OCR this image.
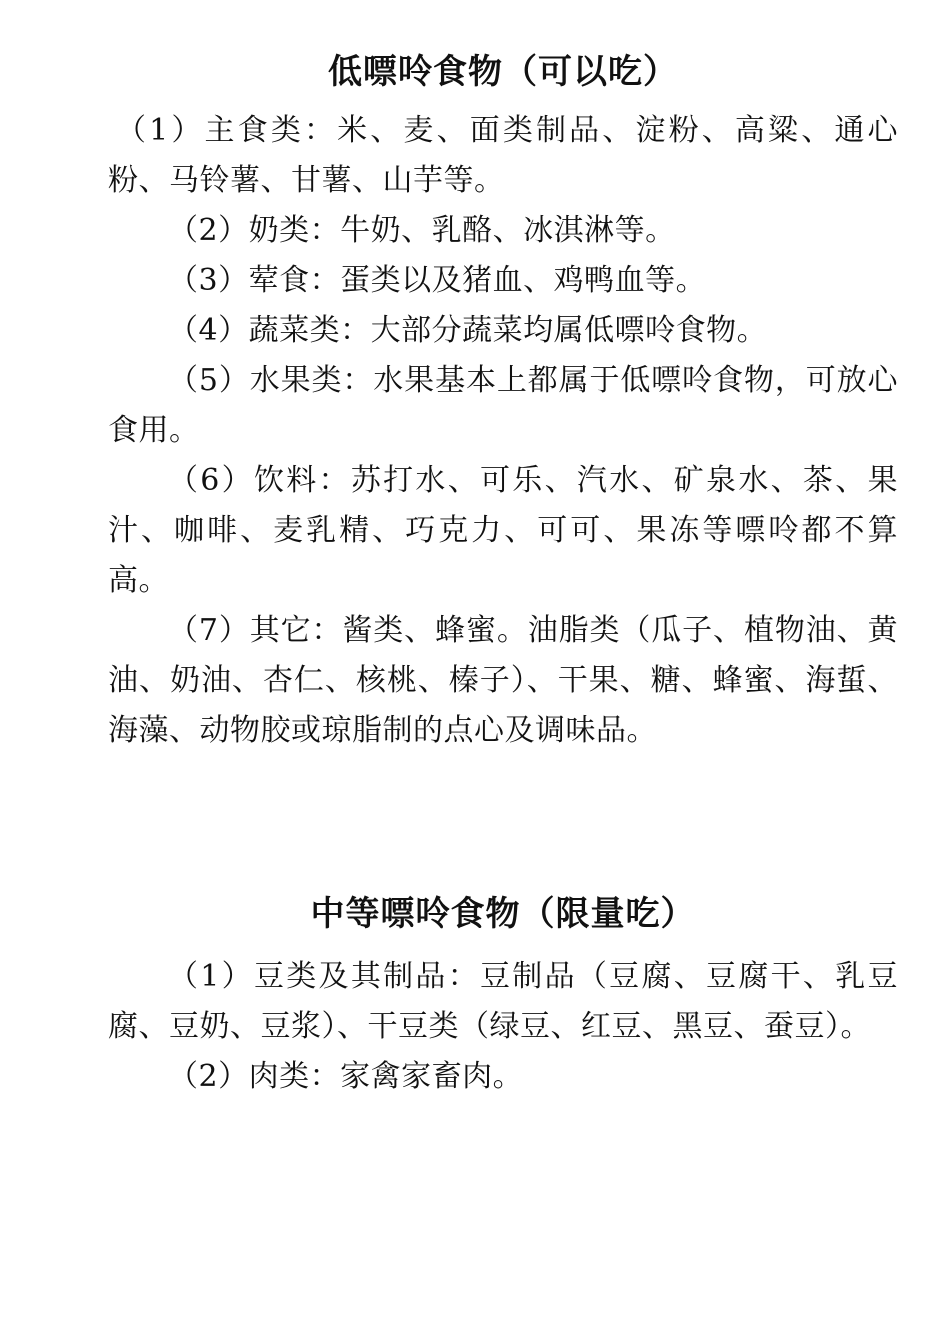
低嘌呤食物（可以吃）

（1）主食类：米、麦、面类制品、淀粉、高粱、通心粉、马铃薯、甘薯、山芋等。

（2）奶类：牛奶、乳酪、冰淇淋等。

（3）荤食：蛋类以及猪血、鸡鸭血等。

（4）蔬菜类：大部分蔬菜均属低嘌呤食物。

（5）水果类：水果基本上都属于低嘌呤食物，可放心食用。

（6）饮料：苏打水、可乐、汽水、矿泉水、茶、果汁、咖啡、麦乳精、巧克力、可可、果冻等嘌呤都不算高。

（7）其它：酱类、蜂蜜。油脂类（瓜子、植物油、黄油、奶油、杏仁、核桃、榛子）、干果、糖、蜂蜜、海蜇、海藻、动物胶或琼脂制的点心及调味品。

中等嘌呤食物（限量吃）

（1）豆类及其制品：豆制品（豆腐、豆腐干、乳豆腐、豆奶、豆浆）、干豆类（绿豆、红豆、黑豆、蚕豆）。

（2）肉类：家禽家畜肉。
